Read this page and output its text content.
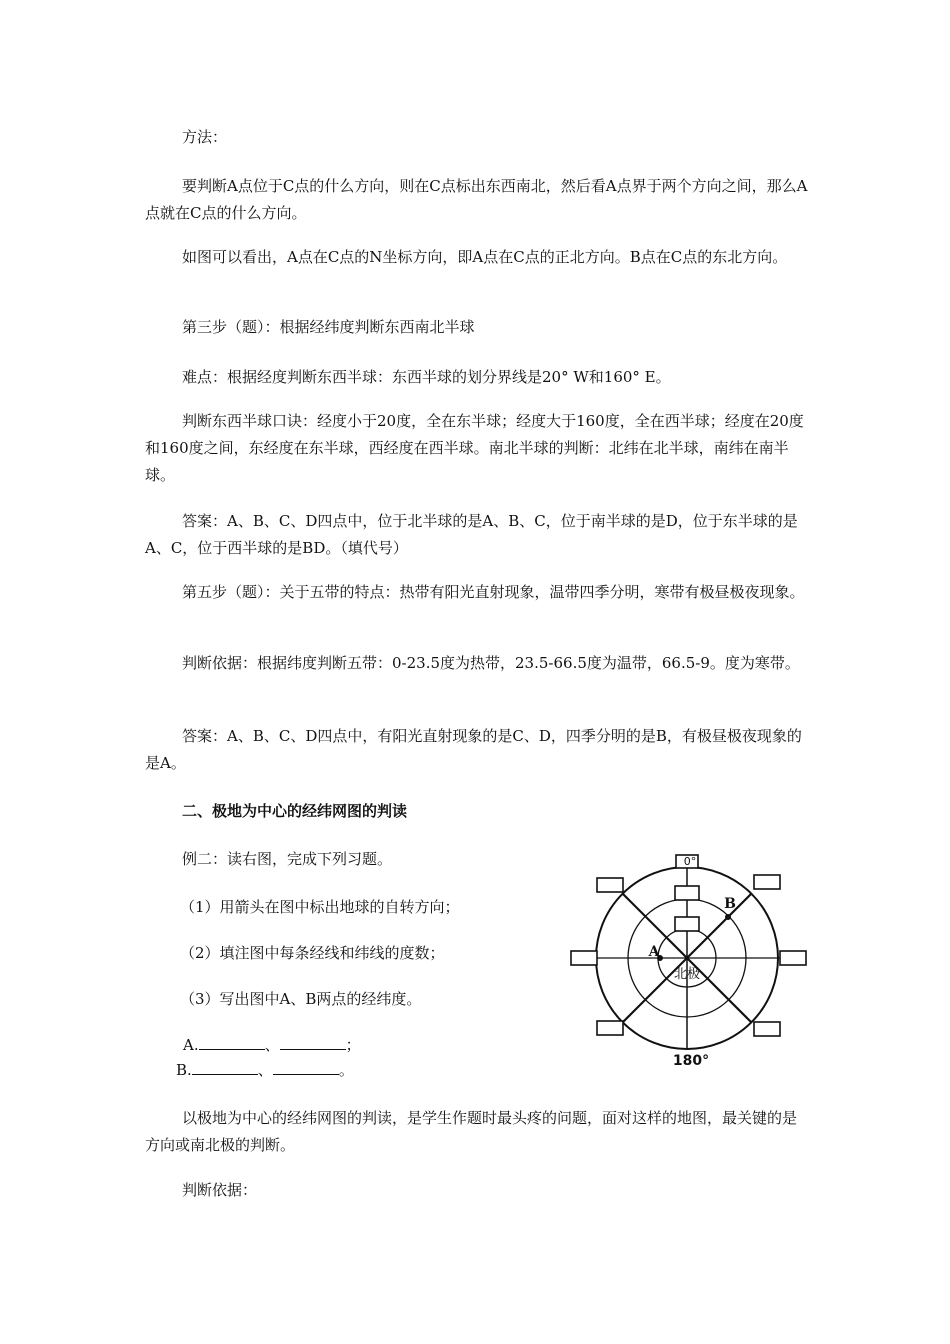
方法：

要判断A点位于C点的什么方向，则在C点标出东西南北，然后看A点界于两个方向之间，那么A点就在C点的什么方向。

如图可以看出，A点在C点的N坐标方向，即A点在C点的正北方向。B点在C点的东北方向。

第三步（题）：根据经纬度判断东西南北半球

难点：根据经度判断东西半球：东西半球的划分界线是20° W和160° E。

判断东西半球口诀：经度小于20度，全在东半球；经度大于160度，全在西半球；经度在20度和160度之间，东经度在东半球，西经度在西半球。南北半球的判断：北纬在北半球，南纬在南半球。

答案：A、B、C、D四点中，位于北半球的是A、B、C，位于南半球的是D，位于东半球的是A、C，位于西半球的是BD。（填代号）

第五步（题）：关于五带的特点：热带有阳光直射现象，温带四季分明，寒带有极昼极夜现象。

判断依据：根据纬度判断五带：0-23.5度为热带，23.5-66.5度为温带，66.5-9。度为寒带。

答案：A、B、C、D四点中，有阳光直射现象的是C、D，四季分明的是B，有极昼极夜现象的是A。

二、极地为中心的经纬网图的判读

例二：读右图，完成下列习题。

（1）用箭头在图中标出地球的自转方向；

（2）填注图中每条经线和纬线的度数；

（3）写出图中A、B两点的经纬度。

A.	、	；

B.	、	。

0°
180°
北极
A
B

以极地为中心的经纬网图的判读，是学生作题时最头疼的问题，面对这样的地图，最关键的是方向或南北极的判断。

判断依据：
